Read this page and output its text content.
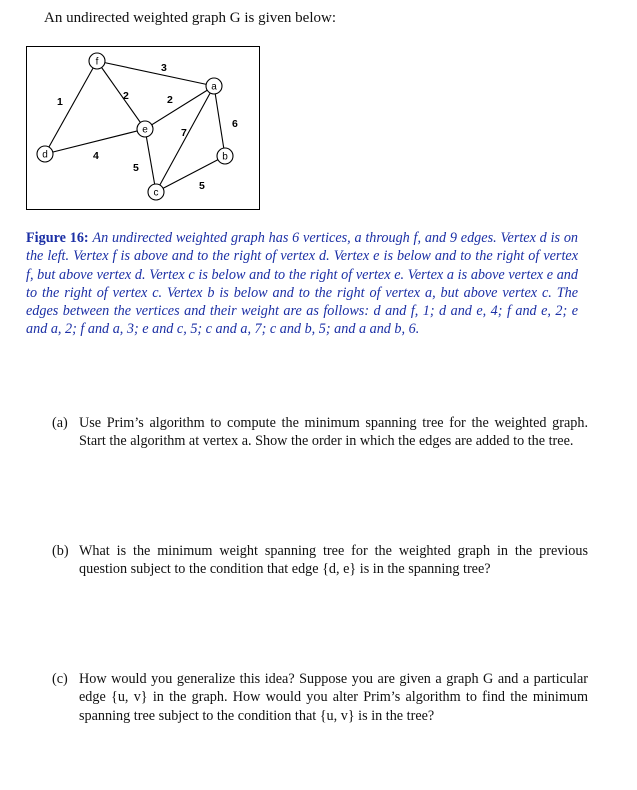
An undirected weighted graph G is given below:
1
4
2	2
3
5
7
5
6
f
a
e
d	b
c
Figure 16: An undirected weighted graph has 6 vertices, a through f, and 9 edges. Vertex d is on the left. Vertex f is above and to the right of vertex d. Vertex e is below and to the right of vertex f, but above vertex d. Vertex c is below and to the right of vertex e. Vertex a is above vertex e and to the right of vertex c. Vertex b is below and to the right of vertex a, but above vertex c. The edges between the vertices and their weight are as follows: d and f, 1; d and e, 4; f and e, 2; e and a, 2; f and a, 3; e and c, 5; c and a, 7; c and b, 5; and a and b, 6.
(a) Use Prim’s algorithm to compute the minimum spanning tree for the weighted graph. Start the algorithm at vertex a. Show the order in which the edges are added to the tree.
(b) What is the minimum weight spanning tree for the weighted graph in the previous question subject to the condition that edge {d, e} is in the spanning tree?
(c) How would you generalize this idea? Suppose you are given a graph G and a particular edge {u, v} in the graph. How would you alter Prim’s algorithm to find the minimum spanning tree subject to the condition that {u, v} is in the tree?
